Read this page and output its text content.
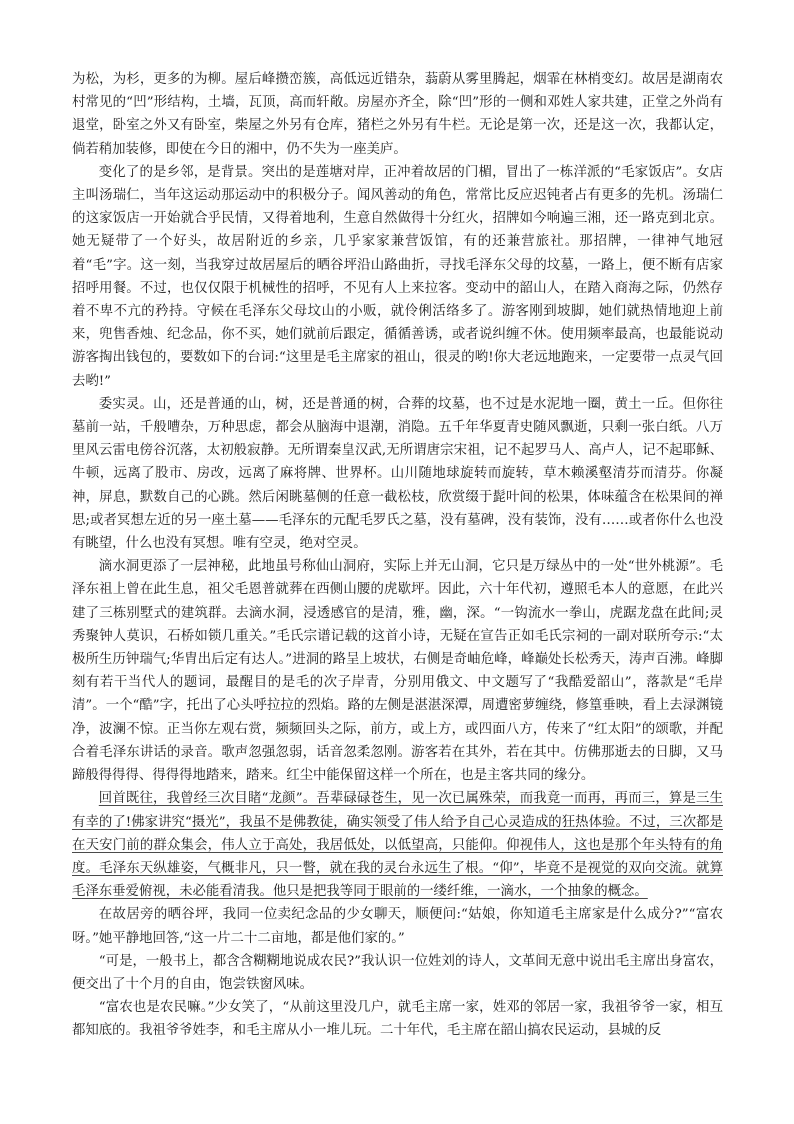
为松，为杉，更多的为柳。屋后峰攒峦簇，高低远近错杂，蓊蔚从雾里腾起，烟霏在林梢变幻。故居是湖南农村常见的“凹”形结构，土墙，瓦顶，高而轩敞。房屋亦齐全，除“凹”形的一侧和邓姓人家共建，正堂之外尚有退堂，卧室之外又有卧室，柴屋之外另有仓库，猪栏之外另有牛栏。无论是第一次，还是这一次，我都认定，倘若稍加装修，即使在今日的湘中，仍不失为一座美庐。

变化了的是乡邻，是背景。突出的是莲塘对岸，正冲着故居的门楣，冒出了一栋洋派的“毛家饭店”。女店主叫汤瑞仁，当年这运动那运动中的积极分子。闻风善动的角色，常常比反应迟钝者占有更多的先机。汤瑞仁的这家饭店一开始就合乎民情，又得着地利，生意自然做得十分红火，招牌如今响遍三湘，还一路克到北京。她无疑带了一个好头，故居附近的乡亲，几乎家家兼营饭馆，有的还兼营旅社。那招牌，一律神气地冠着“毛”字。这一刻，当我穿过故居屋后的晒谷坪沿山路曲折，寻找毛泽东父母的坟墓，一路上，便不断有店家招呼用餐。不过，也仅仅限于机械性的招呼，不见有人上来拉客。变动中的韶山人，在踏入商海之际，仍然存着不卑不亢的矜持。守候在毛泽东父母坟山的小贩，就伶俐活络多了。游客刚到坡脚，她们就热情地迎上前来，兜售香烛、纪念品，你不买，她们就前后跟定，循循善诱，或者说纠缠不休。使用频率最高，也最能说动游客掏出钱包的，要数如下的台词:“这里是毛主席家的祖山，很灵的哟!你大老远地跑来，一定要带一点灵气回去哟!”

委实灵。山，还是普通的山，树，还是普通的树，合葬的坟墓，也不过是水泥地一圈，黄土一丘。但你往墓前一站，千般嘈杂，万种思虑，都会从脑海中退潮，消隐。五千年华夏青史随风飘逝，只剩一张白纸。八万里风云雷电傍谷沉落，太初般寂静。无所谓秦皇汉武,无所谓唐宗宋祖，记不起罗马人、高卢人，记不起耶稣、牛顿，远离了股市、房改，远离了麻将牌、世界杯。山川随地球旋转而旋转，草木赖溪壑清芬而清芬。你凝神，屏息，默数自己的心跳。然后闲眺墓侧的任意一截松枝，欣赏缀于髭叶间的松果，体味蕴含在松果间的禅思;或者冥想左近的另一座土墓——毛泽东的元配毛罗氏之墓，没有墓碑，没有装饰，没有……或者你什么也没有眺望，什么也没有冥想。唯有空灵，绝对空灵。

滴水洞更添了一层神秘，此地虽号称仙山洞府，实际上并无山洞，它只是万绿丛中的一处“世外桃源”。毛泽东祖上曾在此生息，祖父毛恩普就葬在西侧山腰的虎歇坪。因此，六十年代初，遵照毛本人的意愿，在此兴建了三栋别墅式的建筑群。去滴水洞，浸透感官的是清，雅，幽，深。“一钩流水一拳山，虎踞龙盘在此间;灵秀聚钟人莫识，石桥如锁几重关。”毛氏宗谱记载的这首小诗，无疑在宣告正如毛氏宗祠的一副对联所夸示:“太极所生历钟瑞气;华胄出后定有达人。”进洞的路呈上坡状，右侧是奇岫危峰，峰巅处长松秀天，涛声百沸。峰脚刻有若干当代人的题词，最醒目的是毛的次子岸青，分别用俄文、中文题写了“我酷爱韶山”，落款是“毛岸清”。一个“酷”字，托出了心头呼拉拉的烈焰。路的左侧是湛湛深潭，周遭密萝缠绕，修篁垂映，看上去渌渊镜净，波澜不惊。正当你左观右赏，频频回头之际，前方，或上方，或四面八方，传来了“红太阳”的颂歌，并配合着毛泽东讲话的录音。歌声忽强忽弱，话音忽柔忽刚。游客若在其外，若在其中。仿佛那逝去的日脚，又马蹄般得得得、得得得地踏来，踏来。红尘中能保留这样一个所在，也是主客共同的缘分。

回首既往，我曾经三次目睹“龙颜”。吾辈碌碌苍生，见一次已属殊荣，而我竟一而再，再而三，算是三生有幸的了!佛家讲究“摄光”，我虽不是佛教徒，确实领受了伟人给予自己心灵造成的狂热体验。不过，三次都是在天安门前的群众集会，伟人立于高处，我居低处，以低望高，只能仰。仰视伟人，这也是那个年头特有的角度。毛泽东天纵雄姿，气概非凡，只一瞥，就在我的灵台永远生了根。“仰”，毕竟不是视觉的双向交流。就算毛泽东垂爱俯视，未必能看清我。他只是把我等同于眼前的一缕纤维，一滴水，一个抽象的概念。

在故居旁的晒谷坪，我同一位卖纪念品的少女聊天，顺便问:“姑娘，你知道毛主席家是什么成分?”“富农呀。”她平静地回答,“这一片二十二亩地，都是他们家的。”

“可是，一般书上，都含含糊糊地说成农民?”我认识一位姓刘的诗人，文革间无意中说出毛主席出身富农，便交出了十个月的自由，饱尝铁窗风味。

“富农也是农民嘛。”少女笑了，“从前这里没几户，就毛主席一家，姓邓的邻居一家，我祖爷爷一家，相互都知底的。我祖爷爷姓李，和毛主席从小一堆儿玩。二十年代，毛主席在韶山搞农民运动，县城的反
